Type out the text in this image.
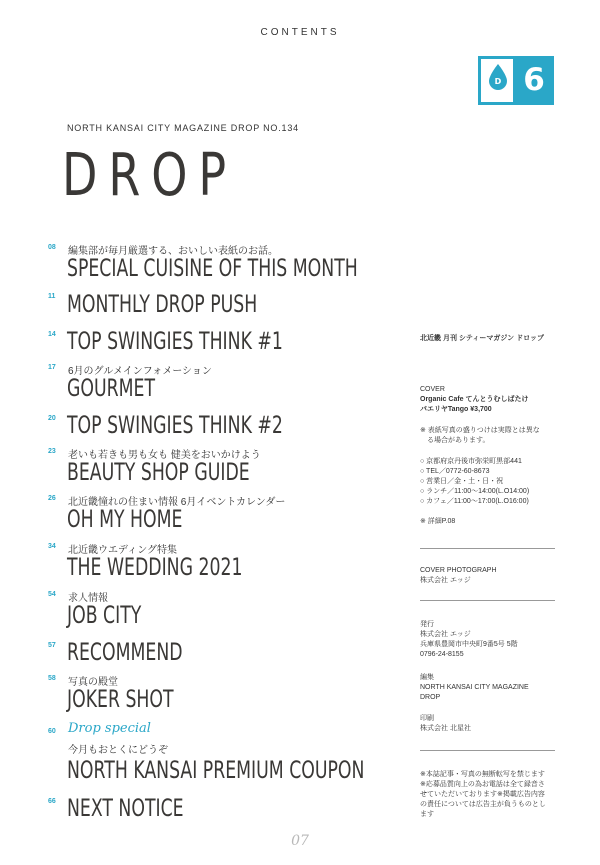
CONTENTS
D 6
NORTH KANSAI CITY MAGAZINE DROP NO.134
DROP
08 編集部が毎月厳選する、おいしい表紙のお話。
SPECIAL CUISINE OF THIS MONTH
11 MONTHLY DROP PUSH
14 TOP SWINGIES THINK #1
17 6月のグルメインフォメーション
GOURMET
20 TOP SWINGIES THINK #2
23 老いも若きも男も女も 健美をおいかけよう
BEAUTY SHOP GUIDE
26 北近畿憧れの住まい情報 6月イベントカレンダー
OH MY HOME
34 北近畿ウエディング特集
THE WEDDING 2021
54 求人情報
JOB CITY
57 RECOMMEND
58 写真の殿堂
JOKER SHOT
60 Drop special
今月もおとくにどうぞ
NORTH KANSAI PREMIUM COUPON
66 NEXT NOTICE
北近畿 月刊 シティーマガジン ドロップ
COVER
Organic Cafe てんとうむしばたけ
パエリヤTango ¥3,700
※ 表紙写真の盛りつけは実際とは異な
　る場合があります。
○ 京都府京丹後市弥栄町黒部441
○ TEL／0772-60-8673
○ 営業日／金・土・日・祝
○ ランチ／11:00〜14:00(L.O14:00)
○ カフェ／11:00〜17:00(L.O16:00)
※ 詳細P.08
COVER PHOTOGRAPH
株式会社 エッジ
発行
株式会社 エッジ
兵庫県豊岡市中央町9番5号 5階
0796-24-8155
編集
NORTH KANSAI CITY MAGAZINE
DROP
印刷
株式会社 北星社
※本誌記事・写真の無断転写を禁じます
※応募品質向上の為お電話は全て録音さ
せていただいております※掲載広告内容
の責任については広告主が負うものとし
ます
07
